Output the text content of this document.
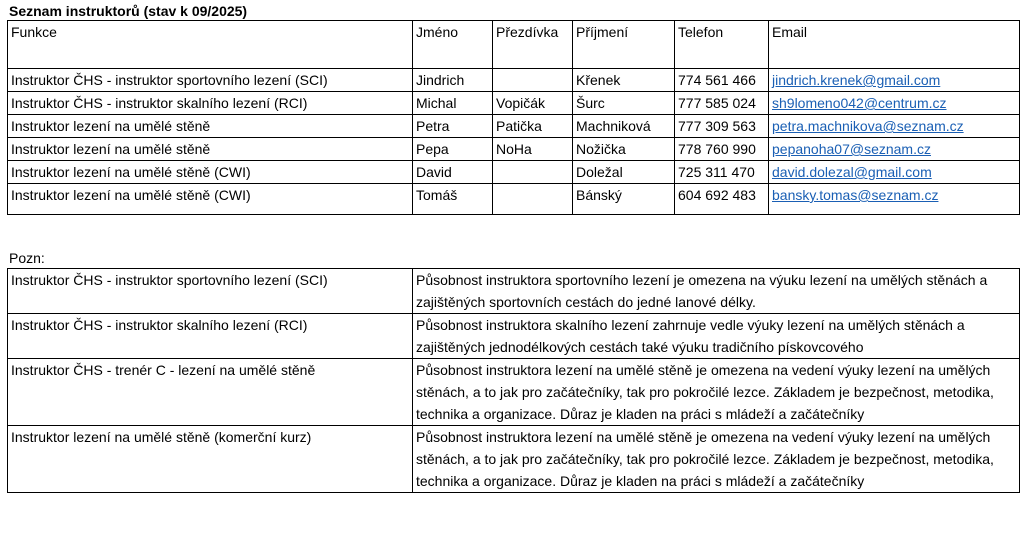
Seznam instruktorů (stav k 09/2025)
Funkce	Jméno	Přezdívka	Příjmení	Telefon	Email
Instruktor ČHS - instruktor sportovního lezení (SCI)	Jindrich		Křenek	774 561 466	jindrich.krenek@gmail.com
Instruktor ČHS - instruktor skalního lezení (RCI)	Michal	Vopičák	Šurc	777 585 024	sh9lomeno042@centrum.cz
Instruktor lezení na umělé stěně	Petra	Patička	Machniková	777 309 563	petra.machnikova@seznam.cz
Instruktor lezení na umělé stěně	Pepa	NoHa	Nožička	778 760 990	pepanoha07@seznam.cz
Instruktor lezení na umělé stěně (CWI)	David		Doležal	725 311 470	david.dolezal@gmail.com
Instruktor lezení na umělé stěně (CWI)	Tomáš		Bánský	604 692 483	bansky.tomas@seznam.cz

Pozn:
Instruktor ČHS - instruktor sportovního lezení (SCI)	Působnost instruktora sportovního lezení je omezena na výuku lezení na umělých stěnách a zajištěných sportovních cestách do jedné lanové délky.
Instruktor ČHS - instruktor skalního lezení (RCI)	Působnost instruktora skalního lezení zahrnuje vedle výuky lezení na umělých stěnách a zajištěných jednodélkových cestách také výuku tradičního pískovcového
Instruktor ČHS - trenér C - lezení na umělé stěně	Působnost instruktora lezení na umělé stěně je omezena na vedení výuky lezení na umělých stěnách, a to jak pro začátečníky, tak pro pokročilé lezce. Základem je bezpečnost, metodika, technika a organizace. Důraz je kladen na práci s mládeží a začátečníky
Instruktor lezení na umělé stěně (komerční kurz)	Působnost instruktora lezení na umělé stěně je omezena na vedení výuky lezení na umělých stěnách, a to jak pro začátečníky, tak pro pokročilé lezce. Základem je bezpečnost, metodika, technika a organizace. Důraz je kladen na práci s mládeží a začátečníky
